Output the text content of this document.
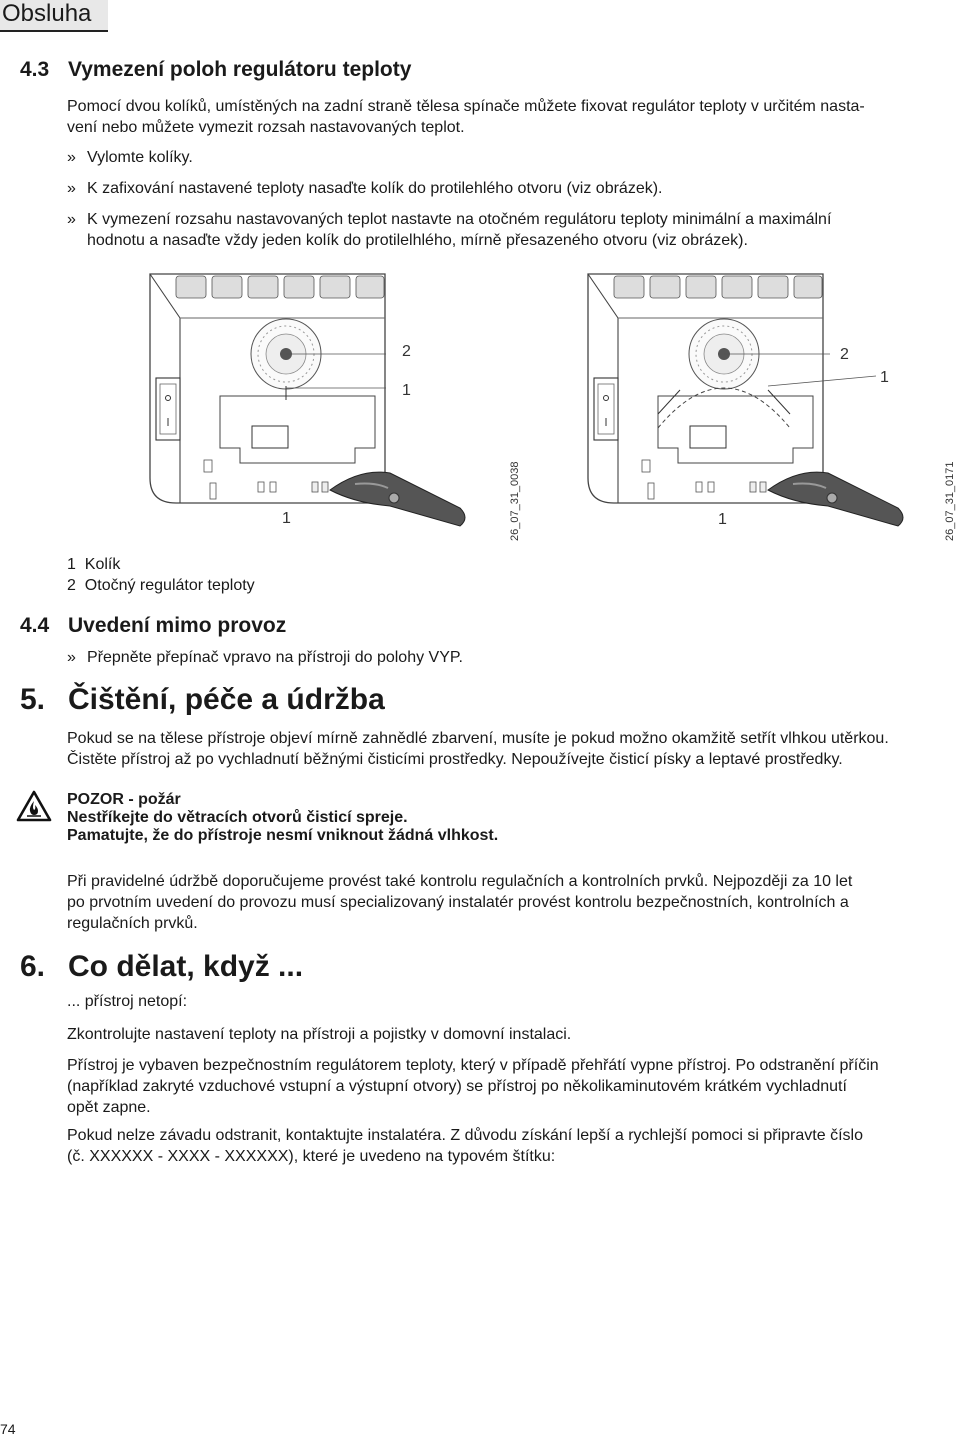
Obsluha
4.3 Vymezení poloh regulátoru teploty
Pomocí dvou kolíků, umístěných na zadní straně tělesa spínače můžete fixovat regulátor teploty v určitém nasta-
vení nebo můžete vymezit rozsah nastavovaných teplot.
» Vylomte kolíky.
» K zafixování nastavené teploty nasaďte kolík do protilehlého otvoru (viz obrázek).
» K vymezení rozsahu nastavovaných teplot nastavte na otočném regulátoru teploty minimální a maximální
hodnotu a nasaďte vždy jeden kolík do protilelhlého, mírně přesazeného otvoru (viz obrázek).
2
1
1
2
1
1
26_07_31_0038	26_07_31_0171
1 Kolík
2 Otočný regulátor teploty
4.4 Uvedení mimo provoz
» Přepněte přepínač vpravo na přístroji do polohy VYP.
5. Čištění, péče a údržba
Pokud se na tělese přístroje objeví mírně zahnědlé zbarvení, musíte je pokud možno okamžitě setřít vlhkou utěrkou.
Čistěte přístroj až po vychladnutí běžnými čisticími prostředky. Nepoužívejte čisticí písky a leptavé prostředky.
POZOR - požár
Nestříkejte do větracích otvorů čisticí spreje.
Pamatujte, že do přístroje nesmí vniknout žádná vlhkost.
Při pravidelné údržbě doporučujeme provést také kontrolu regulačních a kontrolních prvků. Nejpozději za 10 let
po prvotním uvedení do provozu musí specializovaný instalatér provést kontrolu bezpečnostních, kontrolních a
regulačních prvků.
6. Co dělat, když ...
... přístroj netopí:
Zkontrolujte nastavení teploty na přístroji a pojistky v domovní instalaci.
Přístroj je vybaven bezpečnostním regulátorem teploty, který v případě přehřátí vypne přístroj. Po odstranění příčin
(například zakryté vzduchové vstupní a výstupní otvory) se přístroj po několikaminutovém krátkém vychladnutí
opět zapne.
Pokud nelze závadu odstranit, kontaktujte instalatéra. Z důvodu získání lepší a rychlejší pomoci si připravte číslo
(č. XXXXXX - XXXX - XXXXXX), které je uvedeno na typovém štítku:
74
